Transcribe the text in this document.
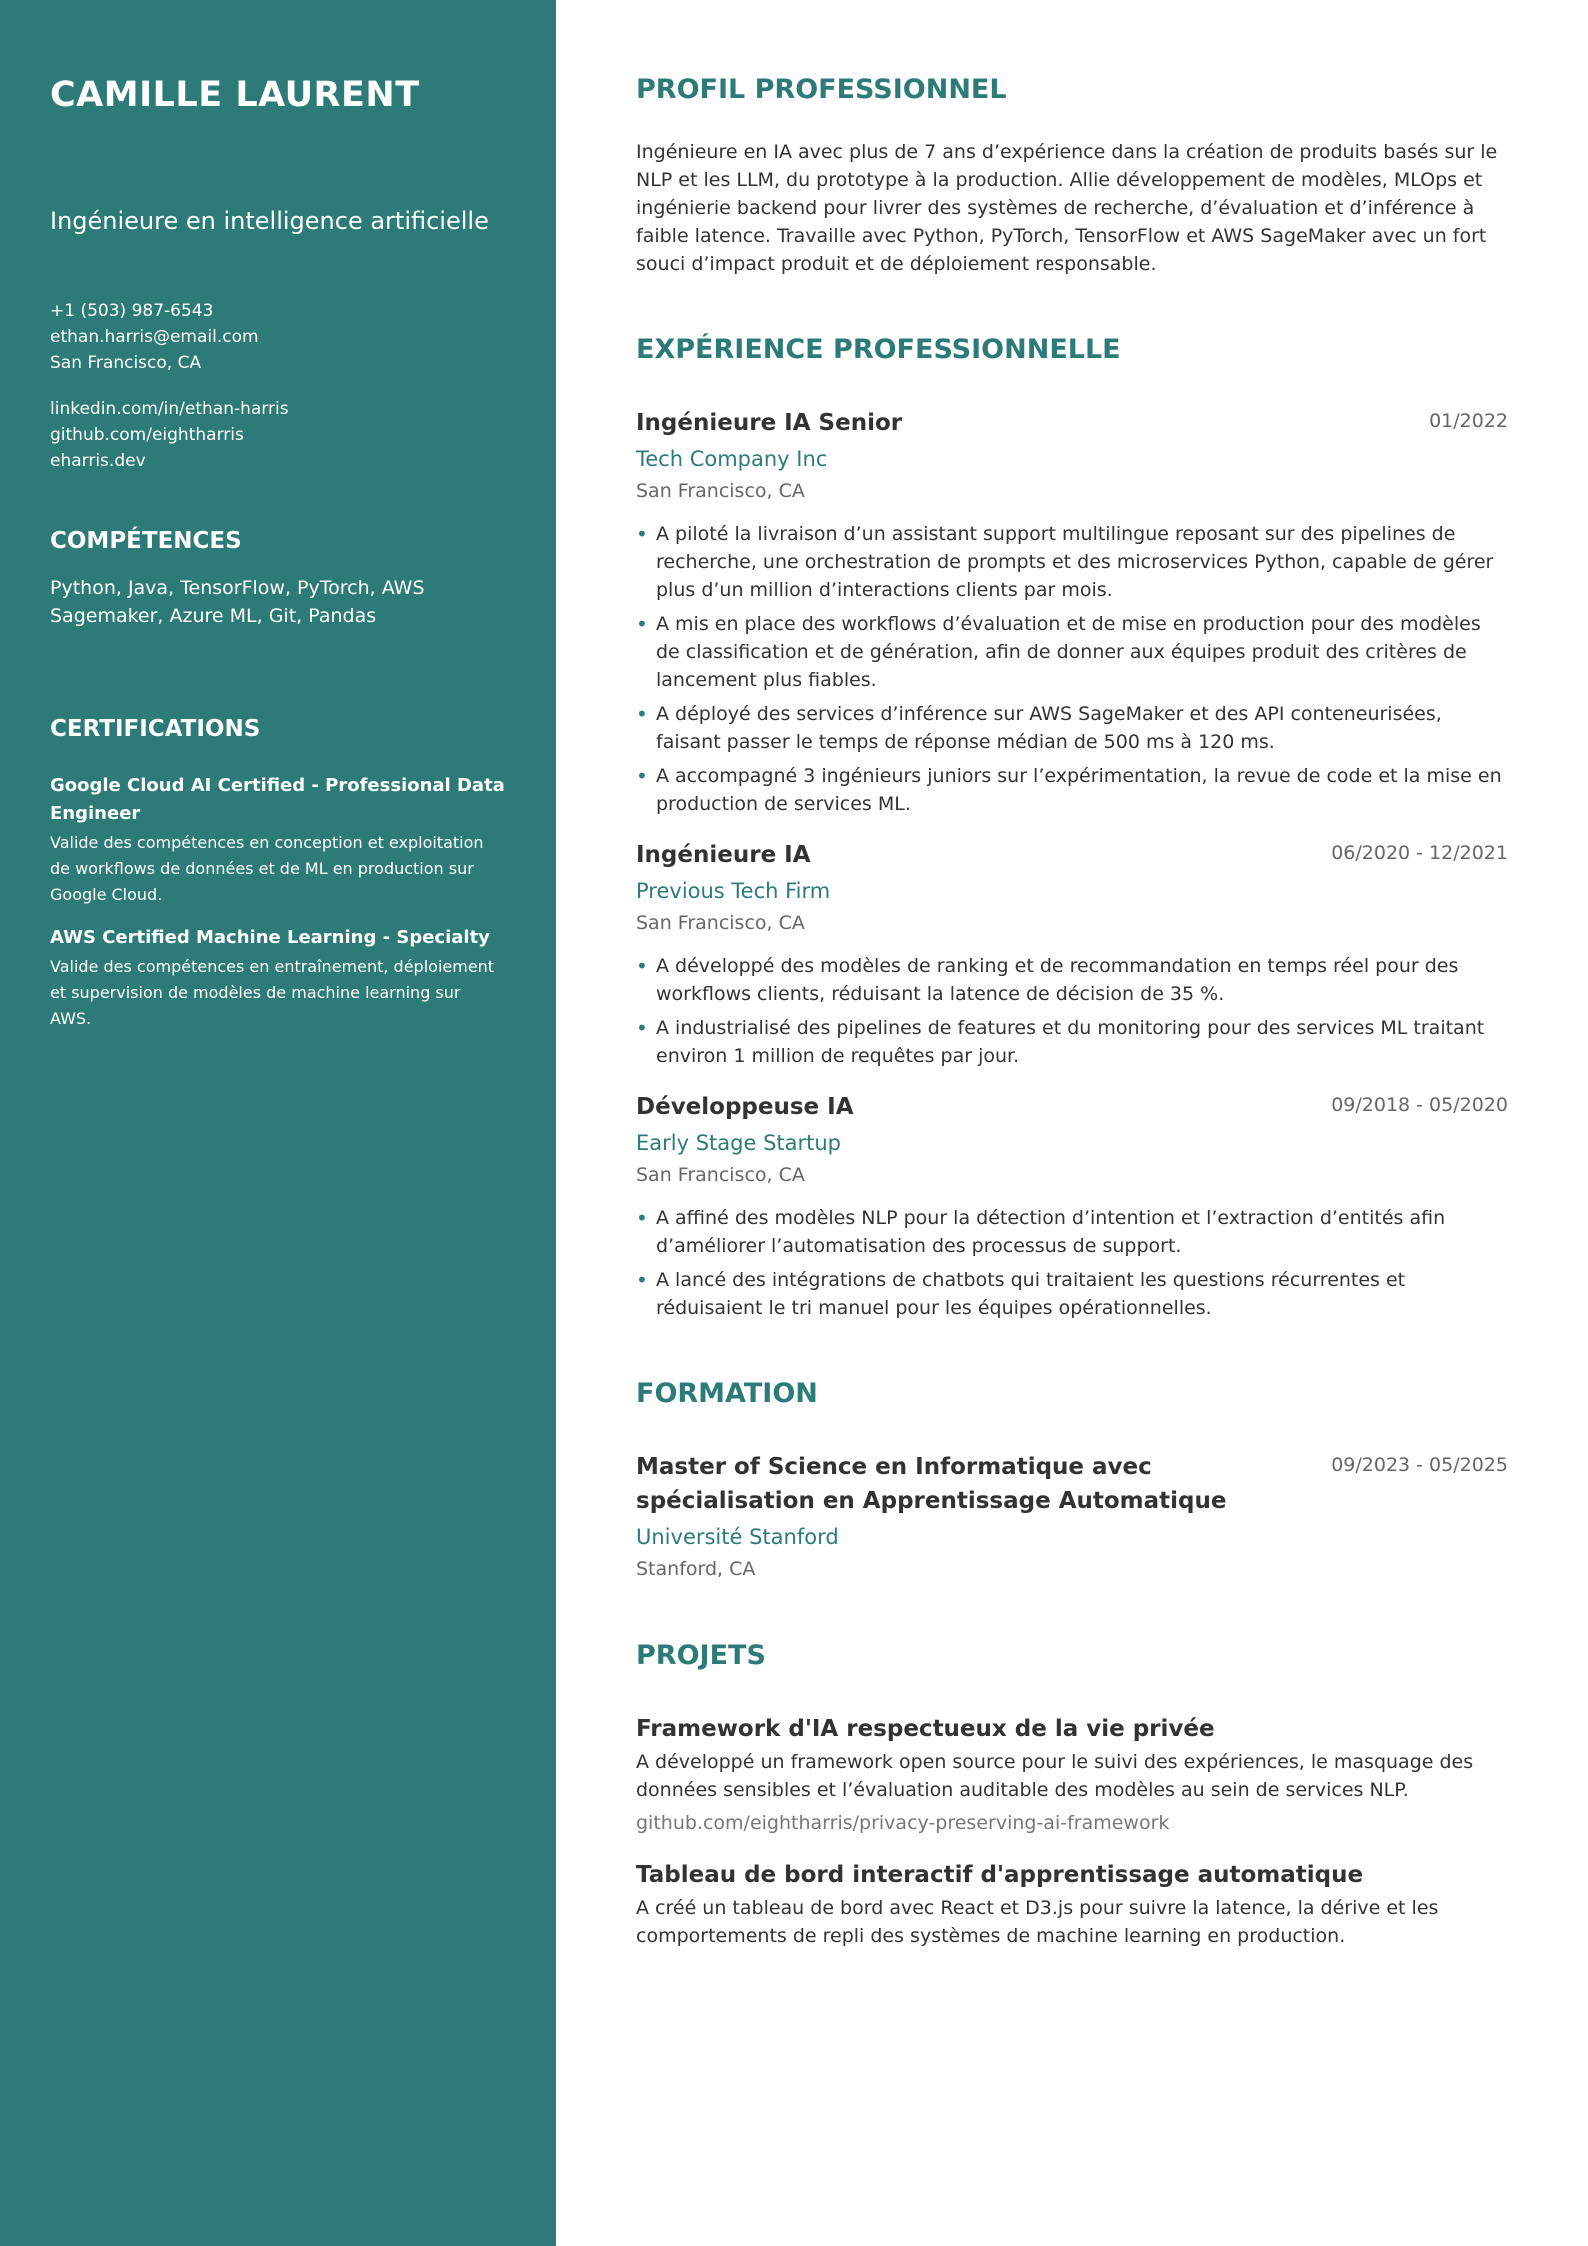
CAMILLE LAURENT
Ingénieure en intelligence artificielle
+1 (503) 987-6543
ethan.harris@email.com
San Francisco, CA
linkedin.com/in/ethan-harris
github.com/eightharris
eharris.dev
COMPÉTENCES

Python, Java, TensorFlow, PyTorch, AWS Sagemaker, Azure ML, Git, Pandas

CERTIFICATIONS
Google Cloud AI Certified - Professional Data Engineer
Valide des compétences en conception et exploitation de workflows de données et de ML en production sur Google Cloud.
AWS Certified Machine Learning - Specialty
Valide des compétences en entraînement, déploiement et supervision de modèles de machine learning sur AWS.
PROFIL PROFESSIONNEL

Ingénieure en IA avec plus de 7 ans d’expérience dans la création de produits basés sur le NLP et les LLM, du prototype à la production. Allie développement de modèles, MLOps et ingénierie backend pour livrer des systèmes de recherche, d’évaluation et d’inférence à faible latence. Travaille avec Python, PyTorch, TensorFlow et AWS SageMaker avec un fort souci d’impact produit et de déploiement responsable.

EXPÉRIENCE PROFESSIONNELLE
Ingénieure IA Senior	01/2022
Tech Company Inc
San Francisco, CA
• A piloté la livraison d’un assistant support multilingue reposant sur des pipelines de recherche, une orchestration de prompts et des microservices Python, capable de gérer plus d’un million d’interactions clients par mois.
• A mis en place des workflows d’évaluation et de mise en production pour des modèles de classification et de génération, afin de donner aux équipes produit des critères de lancement plus fiables.
• A déployé des services d’inférence sur AWS SageMaker et des API conteneurisées, faisant passer le temps de réponse médian de 500 ms à 120 ms.
• A accompagné 3 ingénieurs juniors sur l’expérimentation, la revue de code et la mise en production de services ML.
Ingénieure IA	06/2020 - 12/2021
Previous Tech Firm
San Francisco, CA
• A développé des modèles de ranking et de recommandation en temps réel pour des workflows clients, réduisant la latence de décision de 35 %.
• A industrialisé des pipelines de features et du monitoring pour des services ML traitant environ 1 million de requêtes par jour.
Développeuse IA	09/2018 - 05/2020
Early Stage Startup
San Francisco, CA
• A affiné des modèles NLP pour la détection d’intention et l’extraction d’entités afin d’améliorer l’automatisation des processus de support.
• A lancé des intégrations de chatbots qui traitaient les questions récurrentes et réduisaient le tri manuel pour les équipes opérationnelles.
FORMATION
Master of Science en Informatique avec spécialisation en Apprentissage Automatique
09/2023 - 05/2025
Université Stanford
Stanford, CA
PROJETS
Framework d'IA respectueux de la vie privée
A développé un framework open source pour le suivi des expériences, le masquage des données sensibles et l’évaluation auditable des modèles au sein de services NLP.
github.com/eightharris/privacy-preserving-ai-framework
Tableau de bord interactif d'apprentissage automatique
A créé un tableau de bord avec React et D3.js pour suivre la latence, la dérive et les comportements de repli des systèmes de machine learning en production.
